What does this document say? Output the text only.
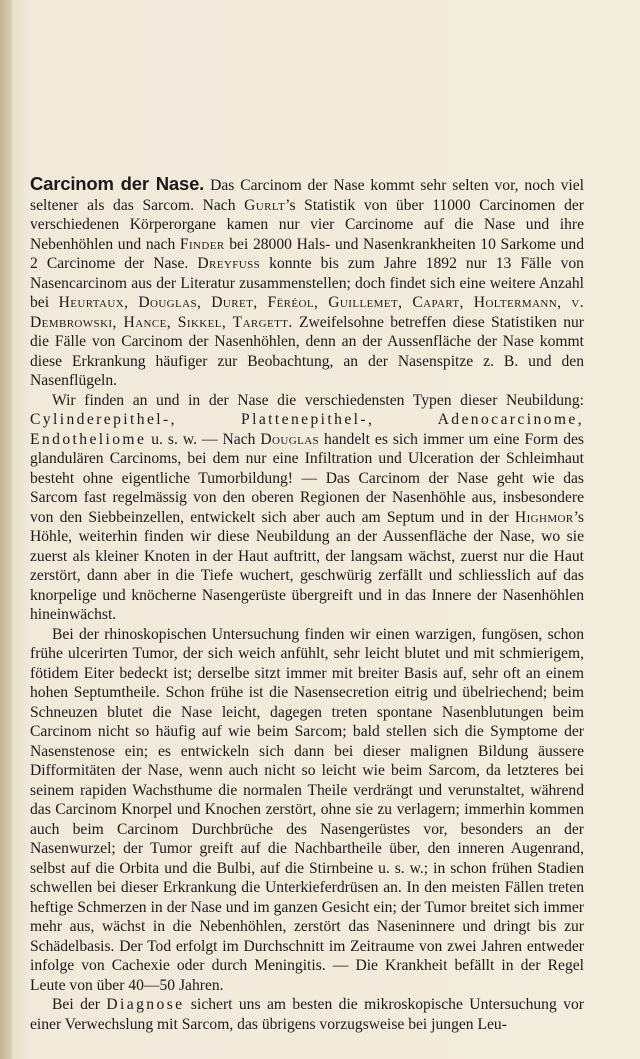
Carcinom der Nase. Das Carcinom der Nase kommt sehr selten vor, noch viel seltener als das Sarcom. Nach Gurlt’s Statistik von über 11000 Carcinomen der verschiedenen Körperorgane kamen nur vier Carcinome auf die Nase und ihre Nebenhöhlen und nach Finder bei 28000 Hals- und Nasenkrankheiten 10 Sarkome und 2 Carcinome der Nase. Dreyfuss konnte bis zum Jahre 1892 nur 13 Fälle von Nasencarcinom aus der Literatur zusammenstellen; doch findet sich eine weitere Anzahl bei Heurtaux, Douglas, Duret, Fëréol, Guillemet, Capart, Holtermann, v. Dembrowski, Hance, Sikkel, Targett. Zweifelsohne betreffen diese Statistiken nur die Fälle von Carcinom der Nasenhöhlen, denn an der Aussenfläche der Nase kommt diese Erkrankung häufiger zur Beobachtung, an der Nasenspitze z. B. und den Nasenflügeln.

Wir finden an und in der Nase die verschiedensten Typen dieser Neubildung: Cylinderepithel-, Plattenepithel-, Adenocarcinome, Endotheliome u. s. w. — Nach Douglas handelt es sich immer um eine Form des glandulären Carcinoms, bei dem nur eine Infiltration und Ulceration der Schleimhaut besteht ohne eigentliche Tumorbildung! — Das Carcinom der Nase geht wie das Sarcom fast regelmässig von den oberen Regionen der Nasenhöhle aus, insbesondere von den Siebbeinzellen, entwickelt sich aber auch am Septum und in der Highmor’s Höhle, weiterhin finden wir diese Neubildung an der Aussenfläche der Nase, wo sie zuerst als kleiner Knoten in der Haut auftritt, der langsam wächst, zuerst nur die Haut zerstört, dann aber in die Tiefe wuchert, geschwürig zerfällt und schliesslich auf das knorpelige und knöcherne Nasengerüste übergreift und in das Innere der Nasenhöhlen hineinwächst.

Bei der rhinoskopischen Untersuchung finden wir einen warzigen, fungösen, schon frühe ulcerirten Tumor, der sich weich anfühlt, sehr leicht blutet und mit schmierigem, fötidem Eiter bedeckt ist; derselbe sitzt immer mit breiter Basis auf, sehr oft an einem hohen Septumtheile. Schon frühe ist die Nasensecretion eitrig und übelriechend; beim Schneuzen blutet die Nase leicht, dagegen treten spontane Nasenblutungen beim Carcinom nicht so häufig auf wie beim Sarcom; bald stellen sich die Symptome der Nasenstenose ein; es entwickeln sich dann bei dieser malignen Bildung äussere Difformitäten der Nase, wenn auch nicht so leicht wie beim Sarcom, da letzteres bei seinem rapiden Wachsthume die normalen Theile verdrängt und verunstaltet, während das Carcinom Knorpel und Knochen zerstört, ohne sie zu verlagern; immerhin kommen auch beim Carcinom Durchbrüche des Nasengerüstes vor, besonders an der Nasenwurzel; der Tumor greift auf die Nachbartheile über, den inneren Augenrand, selbst auf die Orbita und die Bulbi, auf die Stirnbeine u. s. w.; in schon frühen Stadien schwellen bei dieser Erkrankung die Unterkieferdrüsen an. In den meisten Fällen treten heftige Schmerzen in der Nase und im ganzen Gesicht ein; der Tumor breitet sich immer mehr aus, wächst in die Nebenhöhlen, zerstört das Naseninnere und dringt bis zur Schädelbasis. Der Tod erfolgt im Durchschnitt im Zeitraume von zwei Jahren entweder infolge von Cachexie oder durch Meningitis. — Die Krankheit befällt in der Regel Leute von über 40—50 Jahren.

Bei der Diagnose sichert uns am besten die mikroskopische Untersuchung vor einer Verwechslung mit Sarcom, das übrigens vorzugsweise bei jungen Leu-
